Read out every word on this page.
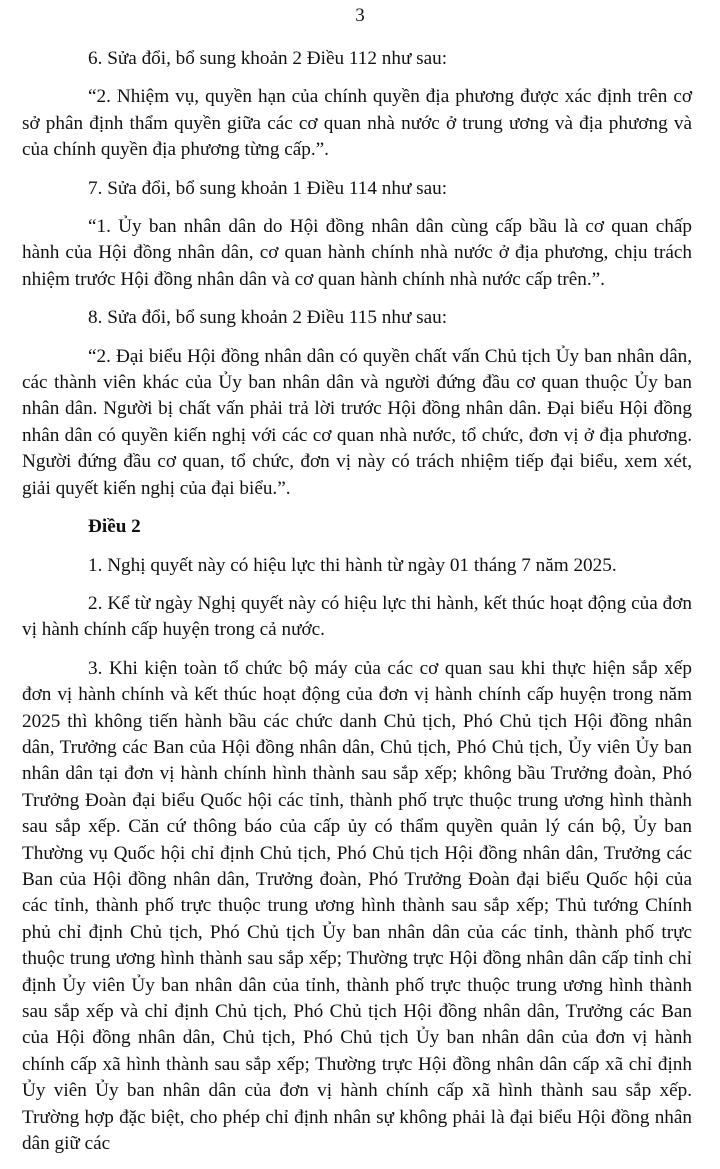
3

6. Sửa đổi, bổ sung khoản 2 Điều 112 như sau:

“2. Nhiệm vụ, quyền hạn của chính quyền địa phương được xác định trên cơ sở phân định thẩm quyền giữa các cơ quan nhà nước ở trung ương và địa phương và của chính quyền địa phương từng cấp.”.

7. Sửa đổi, bổ sung khoản 1 Điều 114 như sau:

“1. Ủy ban nhân dân do Hội đồng nhân dân cùng cấp bầu là cơ quan chấp hành của Hội đồng nhân dân, cơ quan hành chính nhà nước ở địa phương, chịu trách nhiệm trước Hội đồng nhân dân và cơ quan hành chính nhà nước cấp trên.”.

8. Sửa đổi, bổ sung khoản 2 Điều 115 như sau:

“2. Đại biểu Hội đồng nhân dân có quyền chất vấn Chủ tịch Ủy ban nhân dân, các thành viên khác của Ủy ban nhân dân và người đứng đầu cơ quan thuộc Ủy ban nhân dân. Người bị chất vấn phải trả lời trước Hội đồng nhân dân. Đại biểu Hội đồng nhân dân có quyền kiến nghị với các cơ quan nhà nước, tổ chức, đơn vị ở địa phương. Người đứng đầu cơ quan, tổ chức, đơn vị này có trách nhiệm tiếp đại biểu, xem xét, giải quyết kiến nghị của đại biểu.”.

Điều 2

1. Nghị quyết này có hiệu lực thi hành từ ngày 01 tháng 7 năm 2025.

2. Kể từ ngày Nghị quyết này có hiệu lực thi hành, kết thúc hoạt động của đơn vị hành chính cấp huyện trong cả nước.

3. Khi kiện toàn tổ chức bộ máy của các cơ quan sau khi thực hiện sắp xếp đơn vị hành chính và kết thúc hoạt động của đơn vị hành chính cấp huyện trong năm 2025 thì không tiến hành bầu các chức danh Chủ tịch, Phó Chủ tịch Hội đồng nhân dân, Trưởng các Ban của Hội đồng nhân dân, Chủ tịch, Phó Chủ tịch, Ủy viên Ủy ban nhân dân tại đơn vị hành chính hình thành sau sắp xếp; không bầu Trưởng đoàn, Phó Trưởng Đoàn đại biểu Quốc hội các tỉnh, thành phố trực thuộc trung ương hình thành sau sắp xếp. Căn cứ thông báo của cấp ủy có thẩm quyền quản lý cán bộ, Ủy ban Thường vụ Quốc hội chỉ định Chủ tịch, Phó Chủ tịch Hội đồng nhân dân, Trưởng các Ban của Hội đồng nhân dân, Trưởng đoàn, Phó Trưởng Đoàn đại biểu Quốc hội của các tỉnh, thành phố trực thuộc trung ương hình thành sau sắp xếp; Thủ tướng Chính phủ chỉ định Chủ tịch, Phó Chủ tịch Ủy ban nhân dân của các tỉnh, thành phố trực thuộc trung ương hình thành sau sắp xếp; Thường trực Hội đồng nhân dân cấp tỉnh chỉ định Ủy viên Ủy ban nhân dân của tỉnh, thành phố trực thuộc trung ương hình thành sau sắp xếp và chỉ định Chủ tịch, Phó Chủ tịch Hội đồng nhân dân, Trưởng các Ban của Hội đồng nhân dân, Chủ tịch, Phó Chủ tịch Ủy ban nhân dân của đơn vị hành chính cấp xã hình thành sau sắp xếp; Thường trực Hội đồng nhân dân cấp xã chỉ định Ủy viên Ủy ban nhân dân của đơn vị hành chính cấp xã hình thành sau sắp xếp. Trường hợp đặc biệt, cho phép chỉ định nhân sự không phải là đại biểu Hội đồng nhân dân giữ các
